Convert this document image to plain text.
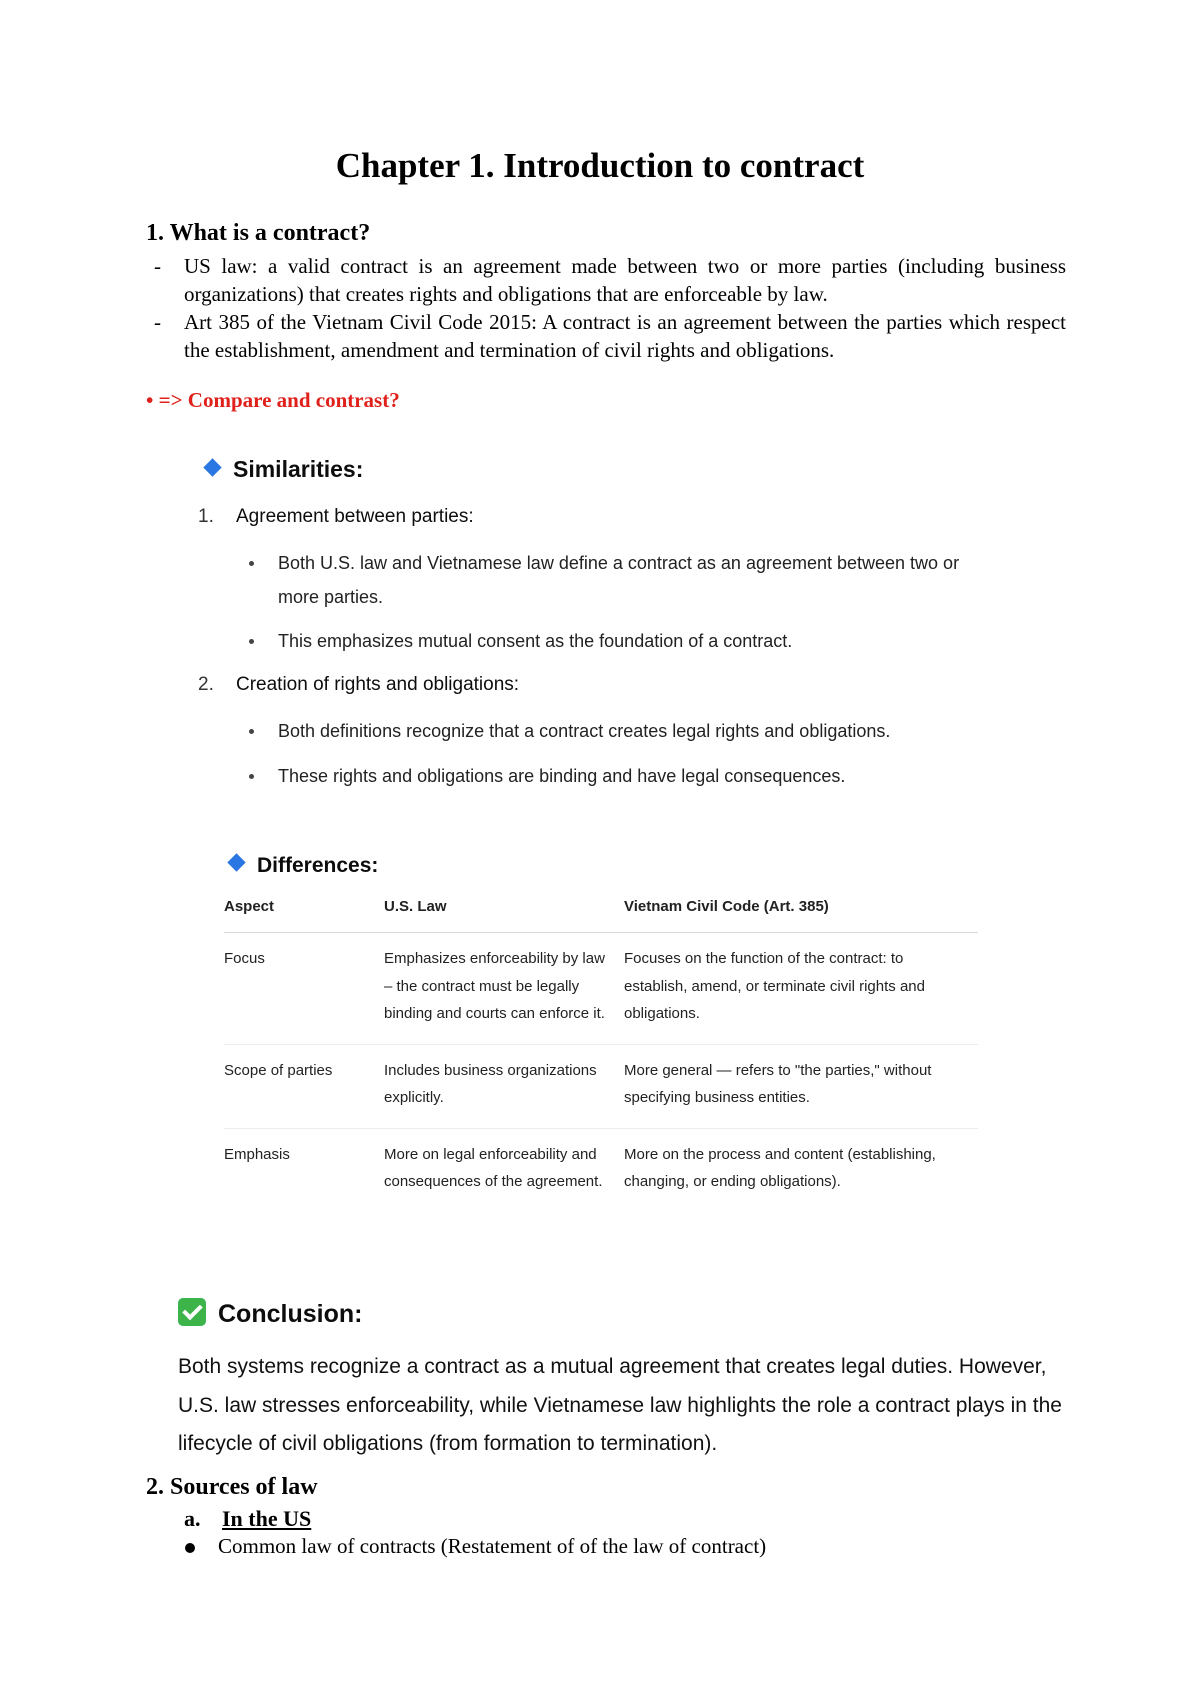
Chapter 1. Introduction to contract
1. What is a contract?
- US law: a valid contract is an agreement made between two or more parties (including business organizations) that creates rights and obligations that are enforceable by law.
- Art 385 of the Vietnam Civil Code 2015: A contract is an agreement between the parties which respect the establishment, amendment and termination of civil rights and obligations.
• => Compare and contrast?
Similarities:
1. Agreement between parties:
Both U.S. law and Vietnamese law define a contract as an agreement between two or more parties.
This emphasizes mutual consent as the foundation of a contract.
2. Creation of rights and obligations:
Both definitions recognize that a contract creates legal rights and obligations.
These rights and obligations are binding and have legal consequences.
Differences:
Aspect	U.S. Law	Vietnam Civil Code (Art. 385)
Focus	Emphasizes enforceability by law – the contract must be legally binding and courts can enforce it.	Focuses on the function of the contract: to establish, amend, or terminate civil rights and obligations.
Scope of parties	Includes business organizations explicitly.	More general — refers to "the parties," without specifying business entities.
Emphasis	More on legal enforceability and consequences of the agreement.	More on the process and content (establishing, changing, or ending obligations).
Conclusion:
Both systems recognize a contract as a mutual agreement that creates legal duties. However, U.S. law stresses enforceability, while Vietnamese law highlights the role a contract plays in the lifecycle of civil obligations (from formation to termination).
2. Sources of law
a. In the US
Common law of contracts (Restatement of of the law of contract)
